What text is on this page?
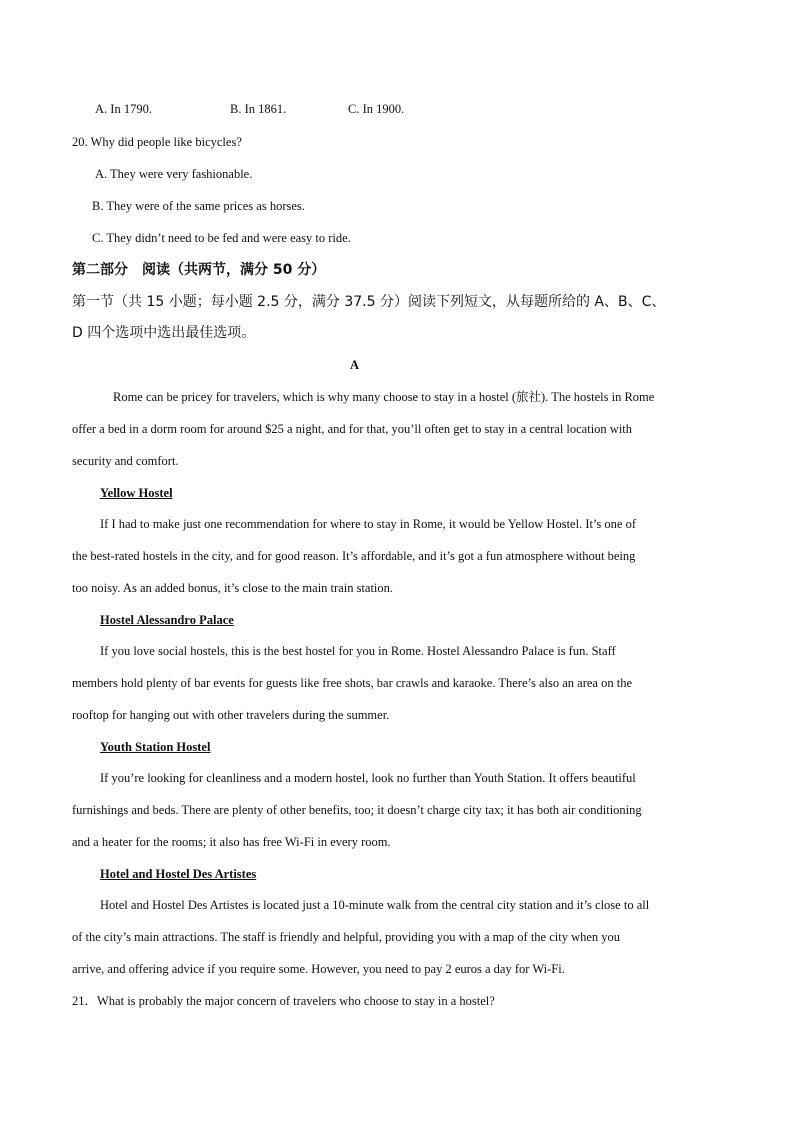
A. In 1790.	B. In 1861.	C. In 1900.
20. Why did people like bicycles?
A. They were very fashionable.
B. They were of the same prices as horses.
C. They didn’t need to be fed and were easy to ride.
第二部分　阅读（共两节，满分 50 分）
第一节（共 15 小题；每小题 2.5 分，满分 37.5 分）阅读下列短文，从每题所给的 A、B、C、
D 四个选项中选出最佳选项。
A
Rome can be pricey for travelers, which is why many choose to stay in a hostel (旅社). The hostels in Rome
offer a bed in a dorm room for around $25 a night, and for that, you’ll often get to stay in a central location with
security and comfort.
Yellow Hostel
If I had to make just one recommendation for where to stay in Rome, it would be Yellow Hostel. It’s one of
the best-rated hostels in the city, and for good reason. It’s affordable, and it’s got a fun atmosphere without being
too noisy. As an added bonus, it’s close to the main train station.
Hostel Alessandro Palace
If you love social hostels, this is the best hostel for you in Rome. Hostel Alessandro Palace is fun. Staff
members hold plenty of bar events for guests like free shots, bar crawls and karaoke. There’s also an area on the
rooftop for hanging out with other travelers during the summer.
Youth Station Hostel
If you’re looking for cleanliness and a modern hostel, look no further than Youth Station. It offers beautiful
furnishings and beds. There are plenty of other benefits, too; it doesn’t charge city tax; it has both air conditioning
and a heater for the rooms; it also has free Wi-Fi in every room.
Hotel and Hostel Des Artistes
Hotel and Hostel Des Artistes is located just a 10-minute walk from the central city station and it’s close to all
of the city’s main attractions. The staff is friendly and helpful, providing you with a map of the city when you
arrive, and offering advice if you require some. However, you need to pay 2 euros a day for Wi-Fi.
21．What is probably the major concern of travelers who choose to stay in a hostel?
